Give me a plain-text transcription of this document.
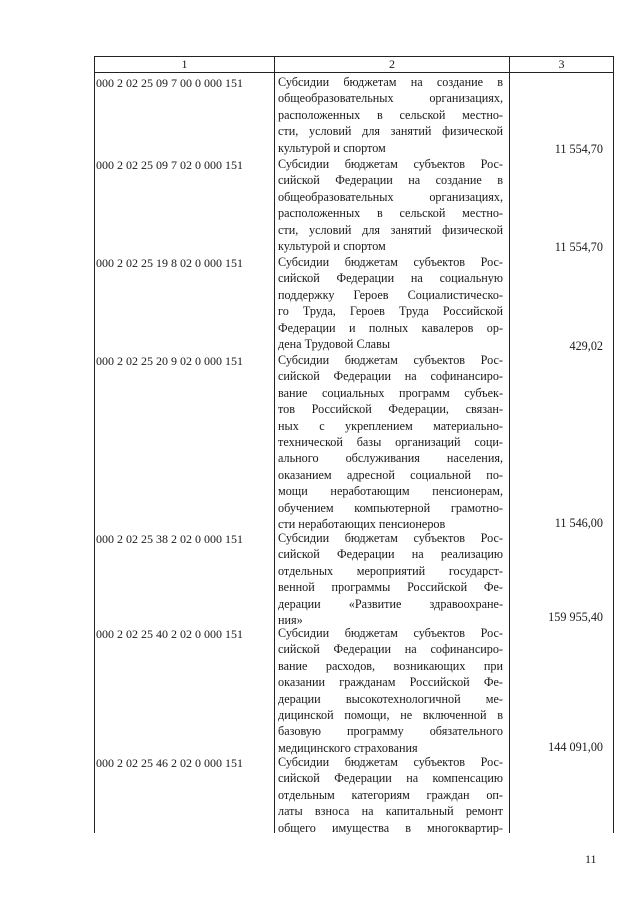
1	2	3
000 2 02 25 09 7 00 0 000 151	Субсидии бюджетам на создание в
общеобразовательных организациях,
расположенных в сельской местно-
сти, условий для занятий физической
культурой и спортом	11 554,70
000 2 02 25 09 7 02 0 000 151	Субсидии бюджетам субъектов Рос-
сийской Федерации на создание в
общеобразовательных организациях,
расположенных в сельской местно-
сти, условий для занятий физической
культурой и спортом	11 554,70
000 2 02 25 19 8 02 0 000 151	Субсидии бюджетам субъектов Рос-
сийской Федерации на социальную
поддержку Героев Социалистическо-
го Труда, Героев Труда Российской
Федерации и полных кавалеров ор-
дена Трудовой Славы	429,02
000 2 02 25 20 9 02 0 000 151	Субсидии бюджетам субъектов Рос-
сийской Федерации на софинансиро-
вание социальных программ субъек-
тов Российской Федерации, связан-
ных с укреплением материально-
технической базы организаций соци-
ального обслуживания населения,
оказанием адресной социальной по-
мощи неработающим пенсионерам,
обучением компьютерной грамотно-
сти неработающих пенсионеров	11 546,00
000 2 02 25 38 2 02 0 000 151	Субсидии бюджетам субъектов Рос-
сийской Федерации на реализацию
отдельных мероприятий государст-
венной программы Российской Фе-
дерации «Развитие здравоохране-
ния»	159 955,40
000 2 02 25 40 2 02 0 000 151	Субсидии бюджетам субъектов Рос-
сийской Федерации на софинансиро-
вание расходов, возникающих при
оказании гражданам Российской Фе-
дерации высокотехнологичной ме-
дицинской помощи, не включенной в
базовую программу обязательного
медицинского страхования	144 091,00
000 2 02 25 46 2 02 0 000 151	Субсидии бюджетам субъектов Рос-
сийской Федерации на компенсацию
отдельным категориям граждан оп-
латы взноса на капитальный ремонт
общего имущества в многоквартир-
11
